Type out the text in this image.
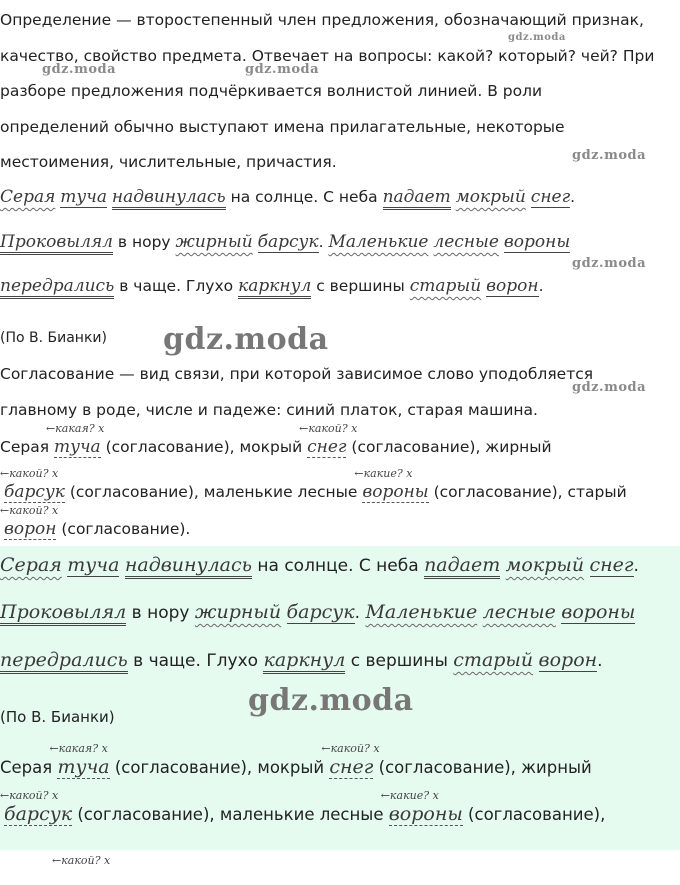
Определение — второстепенный член предложения, обозначающий признак,
качество, свойство предмета. Отвечает на вопросы: какой? который? чей? При
разборе предложения подчёркивается волнистой линией. В роли
определений обычно выступают имена прилагательные, некоторые
местоимения, числительные, причастия.
Серая туча надвинулась на солнце. С неба падает мокрый снег.
Проковылял в нору жирный барсук. Маленькие лесные вороны
передрались в чаще. Глухо каркнул с вершины старый ворон.
(По В. Бианки)
Согласование — вид связи, при которой зависимое слово уподобляется
главному в роде, числе и падеже: синий платок, старая машина.
Серая
←какая? x
туча (согласование), мокрый
←какой? x
снег (согласование), жирный
←какой? x
барсук (согласование), маленькие лесные
←какие? x
вороны (согласование), старый
←какой? x
ворон (согласование).
Серая туча надвинулась на солнце. С неба падает мокрый снег.
Проковылял в нору жирный барсук. Маленькие лесные вороны
передрались в чаще. Глухо каркнул с вершины старый ворон.
(По В. Бианки)
Серая
←какая? x
туча (согласование), мокрый
←какой? x
снег (согласование), жирный
←какой? x
барсук (согласование), маленькие лесные
←какие? x
вороны (согласование),
←какой? x
gdz.moda
gdz.moda	gdz.moda
gdz.moda
gdz.moda
gdz.moda
gdz.moda
gdz.moda
